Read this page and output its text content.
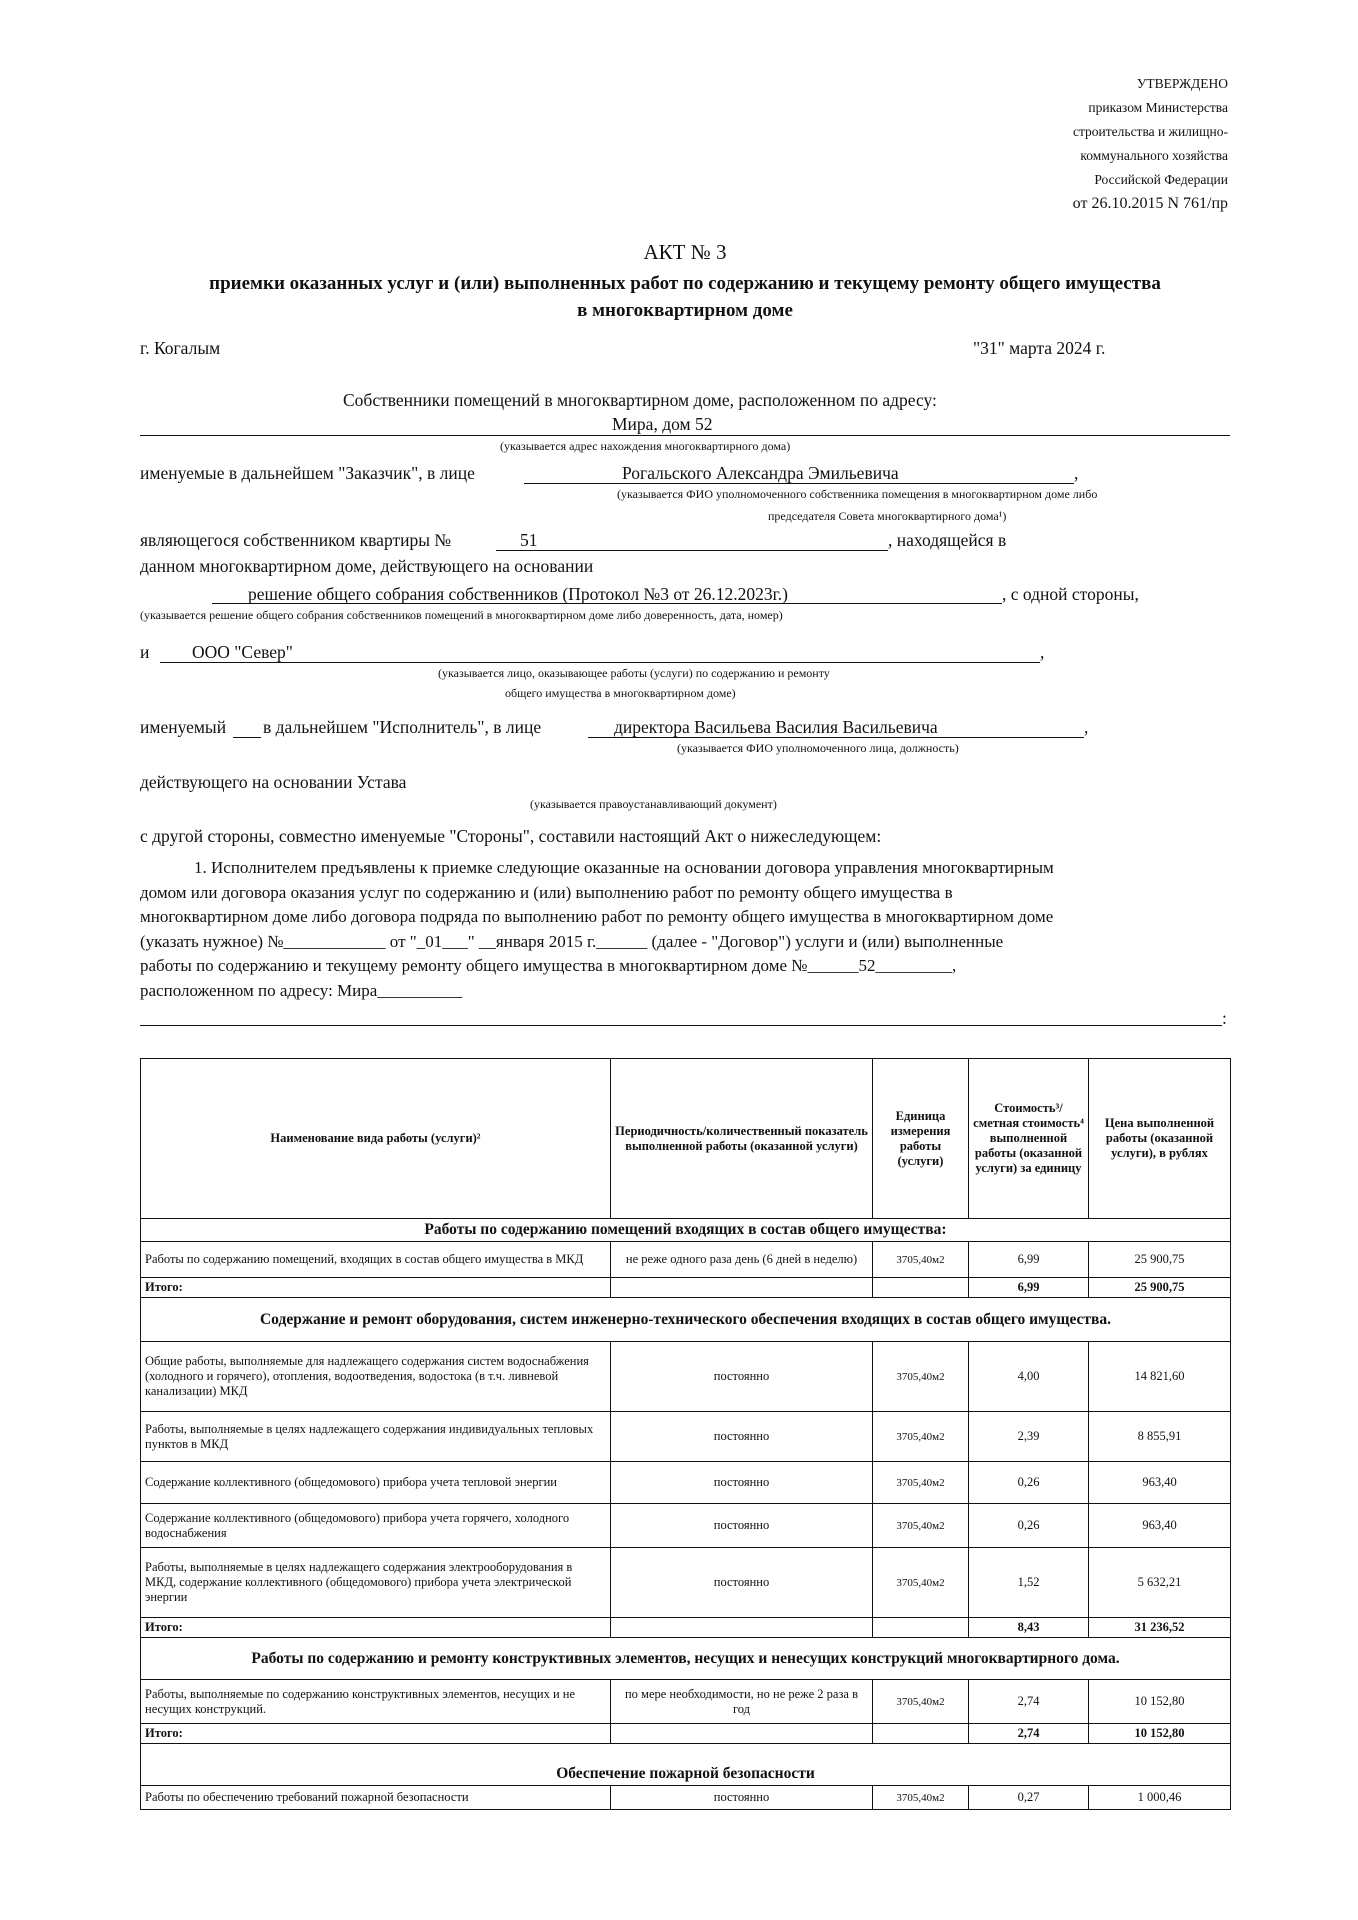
УТВЕРЖДЕНО
приказом Министерства
строительства и жилищно-
коммунального хозяйства
Российской Федерации
от 26.10.2015 N 761/пр
АКТ № 3
приемки оказанных услуг и (или) выполненных работ по содержанию и текущему ремонту общего имущества
в многоквартирном доме
г. Когалым	"31" марта 2024 г.
Собственники помещений в многоквартирном доме, расположенном по адресу:
Мира, дом 52
(указывается адрес нахождения многоквартирного дома)
именуемые в дальнейшем "Заказчик", в лице	Рогальского Александра Эмильевича	,
(указывается ФИО уполномоченного собственника помещения в многоквартирном доме либо
председателя Совета многоквартирного дома¹)
являющегося собственником квартиры №	51	, находящейся в
данном многоквартирном доме, действующего на основании
решение общего собрания собственников (Протокол №3 от 26.12.2023г.)	, с одной стороны,
(указывается решение общего собрания собственников помещений в многоквартирном доме либо доверенность, дата, номер)
и ООО "Север"	,
(указывается лицо, оказывающее работы (услуги) по содержанию и ремонту
общего имущества в многоквартирном доме)
именуемый в дальнейшем "Исполнитель", в лице	директора Васильева Василия Васильевича	,
(указывается ФИО уполномоченного лица, должность)
действующего на основании Устава
(указывается правоустанавливающий документ)
с другой стороны, совместно именуемые "Стороны", составили настоящий Акт о нижеследующем:
1. Исполнителем предъявлены к приемке следующие оказанные на основании договора управления многоквартирным
домом или договора оказания услуг по содержанию и (или) выполнению работ по ремонту общего имущества в
многоквартирном доме либо договора подряда по выполнению работ по ремонту общего имущества в многоквартирном доме
(указать нужное) №____________ от "_01___" __января 2015 г.______ (далее - "Договор") услуги и (или) выполненные
работы по содержанию и текущему ремонту общего имущества в многоквартирном доме №______52_________,
расположенном по адресу: Мира__________
:
Наименование вида работы (услуги)²	Периодичность/количественный показатель выполненной работы (оказанной услуги)	Единица измерения работы (услуги)	Стоимость³/сметная стоимость⁴ выполненной работы (оказанной услуги) за единицу	Цена выполненной работы (оказанной услуги), в рублях
Работы по содержанию помещений входящих в состав общего имущества:				
Работы по содержанию помещений, входящих в состав общего имущества в МКД	не реже одного раза день (6 дней в неделю)	3705,40м2	6,99	25 900,75
Итого:			6,99	25 900,75
Содержание и ремонт оборудования, систем инженерно-технического обеспечения входящих в состав общего имущества.				
Общие работы, выполняемые для надлежащего содержания систем водоснабжения (холодного и горячего), отопления, водоотведения, водостока (в т.ч. ливневой канализации) МКД	постоянно	3705,40м2	4,00	14 821,60
Работы, выполняемые в целях надлежащего содержания индивидуальных тепловых пунктов в МКД	постоянно	3705,40м2	2,39	8 855,91
Содержание коллективного (общедомового) прибора учета тепловой энергии	постоянно	3705,40м2	0,26	963,40
Содержание коллективного (общедомового) прибора учета горячего, холодного водоснабжения	постоянно	3705,40м2	0,26	963,40
Работы, выполняемые в целях надлежащего содержания электрооборудования в МКД, содержание коллективного (общедомового) прибора учета электрической энергии	постоянно	3705,40м2	1,52	5 632,21
Итого:			8,43	31 236,52
Работы по содержанию и ремонту конструктивных элементов, несущих и ненесущих конструкций многоквартирного дома.				
Работы, выполняемые по содержанию конструктивных элементов, несущих и не несущих конструкций.	по мере необходимости, но не реже 2 раза в год	3705,40м2	2,74	10 152,80
Итого:			2,74	10 152,80
Обеспечение пожарной безопасности				
Работы по обеспечению требований пожарной безопасности	постоянно	3705,40м2	0,27	1 000,46
